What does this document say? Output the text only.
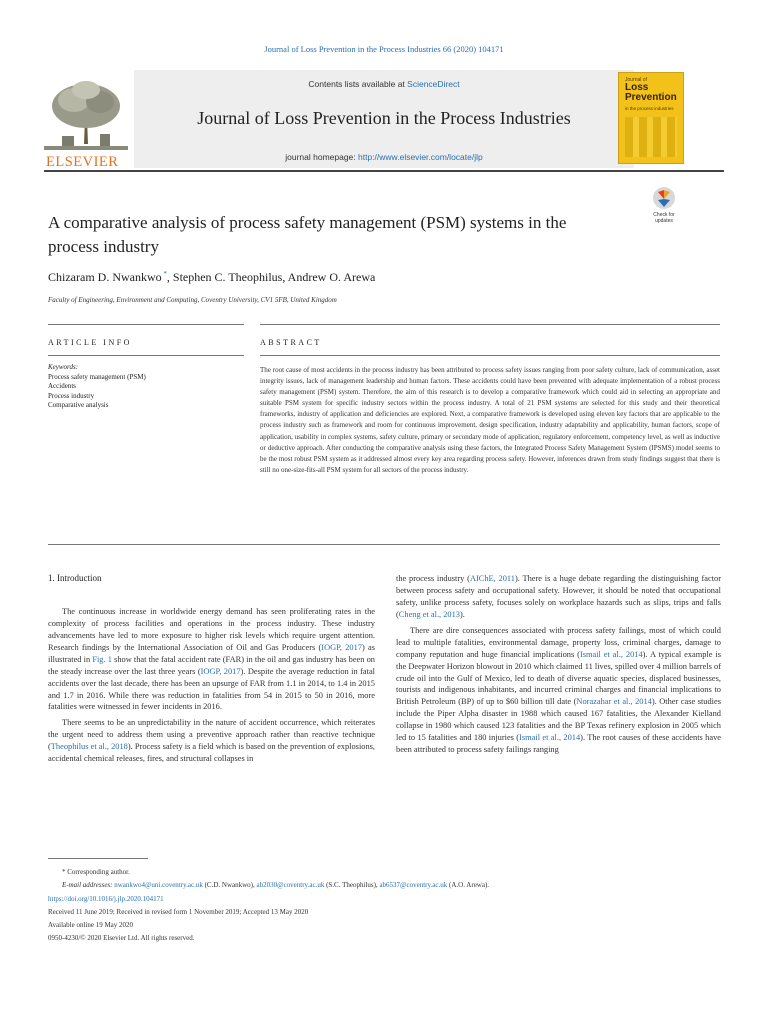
Journal of Loss Prevention in the Process Industries 66 (2020) 104171
ELSEVIER
Contents lists available at ScienceDirect
Journal of Loss Prevention in the Process Industries
journal homepage: http://www.elsevier.com/locate/jlp
Journal of
Loss
Prevention
in the process industries
A comparative analysis of process safety management (PSM) systems in the process industry
Check for
updates
Chizaram D. Nwankwo *, Stephen C. Theophilus, Andrew O. Arewa
Faculty of Engineering, Environment and Computing, Coventry University, CV1 5FB, United Kingdom
ARTICLE INFO	ABSTRACT
Keywords:
Process safety management (PSM)
Accidents
Process industry
Comparative analysis
The root cause of most accidents in the process industry has been attributed to process safety issues ranging from poor safety culture, lack of communication, asset integrity issues, lack of management leadership and human factors. These accidents could have been prevented with adequate implementation of a robust process safety management (PSM) system. Therefore, the aim of this research is to develop a comparative framework which could aid in selecting an appropriate and suitable PSM system for specific industry sectors within the process industry. A total of 21 PSM systems are selected for this study and their theoretical frameworks, industry of application and deficiencies are explored. Next, a comparative framework is developed using eleven key factors that are applicable to the process industry such as framework and room for continuous improvement, design specification, industry adaptability and applicability, human factors, scope of application, usability in complex systems, safety culture, primary or secondary mode of application, regulatory enforcement, competency level, as well as inductive or deductive approach. After conducting the comparative analysis using these factors, the Integrated Process Safety Management System (IPSMS) model seems to be the most robust PSM system as it addressed almost every key area regarding process safety. However, inferences drawn from study findings suggest that there is still no one-size-fits-all PSM system for all sectors of the process industry.

1. Introduction

The continuous increase in worldwide energy demand has seen proliferating rates in the complexity of process facilities and operations in the process industry. These industry advancements have led to more exposure to higher risk levels which require urgent attention. Research findings by the International Association of Oil and Gas Producers (IOGP, 2017) as illustrated in Fig. 1 show that the fatal accident rate (FAR) in the oil and gas industry has been on the steady increase over the last three years (IOGP, 2017). Despite the average reduction in fatal accidents over the last decade, there has been an upsurge of FAR from 1.1 in 2014, to 1.4 in 2015 and 1.7 in 2016. While there was reduction in fatalities from 54 in 2015 to 50 in 2016, more fatalities were witnessed in fewer incidents in 2016.

There seems to be an unpredictability in the nature of accident occurrence, which reiterates the urgent need to address them using a preventive approach rather than reactive technique (Theophilus et al., 2018). Process safety is a field which is based on the prevention of explosions, accidental chemical releases, fires, and structural collapses in

the process industry (AIChE, 2011). There is a huge debate regarding the distinguishing factor between process safety and occupational safety. However, it should be noted that occupational safety, unlike process safety, focuses solely on workplace hazards such as slips, trips and falls (Cheng et al., 2013).

There are dire consequences associated with process safety failings, most of which could lead to multiple fatalities, environmental damage, property loss, criminal charges, damage to company reputation and huge financial implications (Ismail et al., 2014). A typical example is the Deepwater Horizon blowout in 2010 which claimed 11 lives, spilled over 4 million barrels of crude oil into the Gulf of Mexico, led to death of diverse aquatic species, displaced businesses, tourists and indigenous inhabitants, and incurred criminal charges and financial implications to British Petroleum (BP) of up to $60 billion till date (Norazahar et al., 2014). Other case studies include the Piper Alpha disaster in 1988 which caused 167 fatalities, the Alexander Kielland collapse in 1980 which caused 123 fatalities and the BP Texas refinery explosion in 2005 which led to 15 fatalities and 180 injuries (Ismail et al., 2014). The root causes of these accidents have been attributed to process safety failings ranging

* Corresponding author.
E-mail addresses: nwankwo4@uni.coventry.ac.uk (C.D. Nwankwo), ab2030@coventry.ac.uk (S.C. Theophilus), ab6537@coventry.ac.uk (A.O. Arewa).
https://doi.org/10.1016/j.jlp.2020.104171
Received 11 June 2019; Received in revised form 1 November 2019; Accepted 13 May 2020
Available online 19 May 2020
0950-4230/© 2020 Elsevier Ltd. All rights reserved.
